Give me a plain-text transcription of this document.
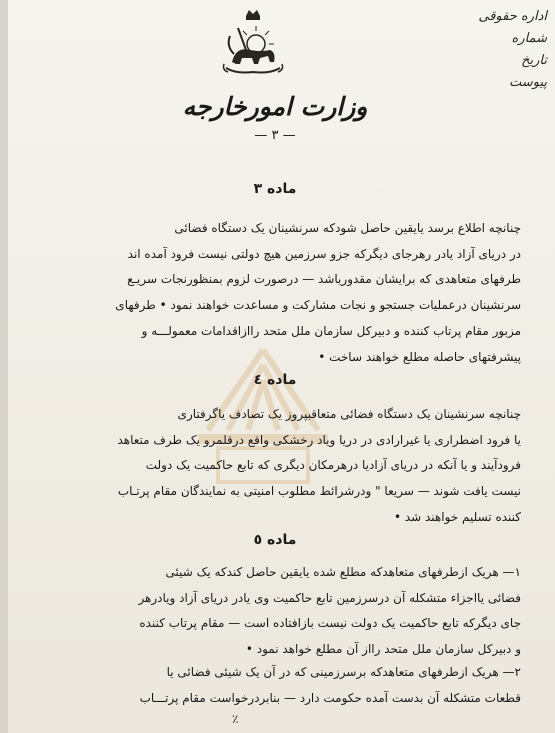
اداره حقوقی
شماره
تاریخ
پیوست
وزارت امورخارجه
— ٣ —
ماده ٣
چنانچه اطلاع برسد یایقین حاصل شودکه سرنشینان یک دستگاه فضائی
در دریای آزاد یادر رهرجای دیگرکه جزو سرزمین هیچ دولتی نیست فرود آمده اند
طرفهای متعاهدی که برایشان مقدوریاشد — درصورت لزوم بمنظورنجات سریـع
سرنشینان درعملیات جستجو و نجات مشارکت و مساعدت خواهند نمود • طرفهای
مزبور مقام پرتاب کننده و دبیرکل سازمان ملل متحد راازاقدامات معمولـــه و
پیشرفتهای حاصله مطلع خواهند ساخت •
ماده ٤
چنانچه سرنشینان یک دستگاه فضائی متعاقبپروز یک تصادف یاگرفتاری
یا فرود اضطراری یا غیرارادی در دریا ویاد رخشکی واقع درقلمرو یک طرف متعاهد
فرودآیند و یا آنکه در دریای آزادیا درهرمکان دیگری که تابع حاکمیت یک دولت
نیست یافت شوند — سریعا " ودرشرائط مطلوب امنیتی به نمایندگان مقام پرتـاب
کننده تسلیم خواهند شد •
ماده ٥
١— هریک ازطرفهای متعاهدکه مطلع شده یایقین حاصل کندکه یک شیئی
فضائی یااجزاء متشکله آن درسرزمین تابع حاکمیت وی یادر دریای آزاد ویادرهر
جای دیگرکه تابع حاکمیت یک دولت نیست بازافتاده است — مقام پرتاب کننده
و دبیرکل سازمان ملل متحد رااز آن مطلع خواهد نمود •
٢— هریک ازطرفهای متعاهدکه برسرزمینی که در آن یک شیئی فضائی یا
قطعات متشکله آن بدست آمده حکومت دارد — بنابردرخواست مقام پرتـــاب
٪
